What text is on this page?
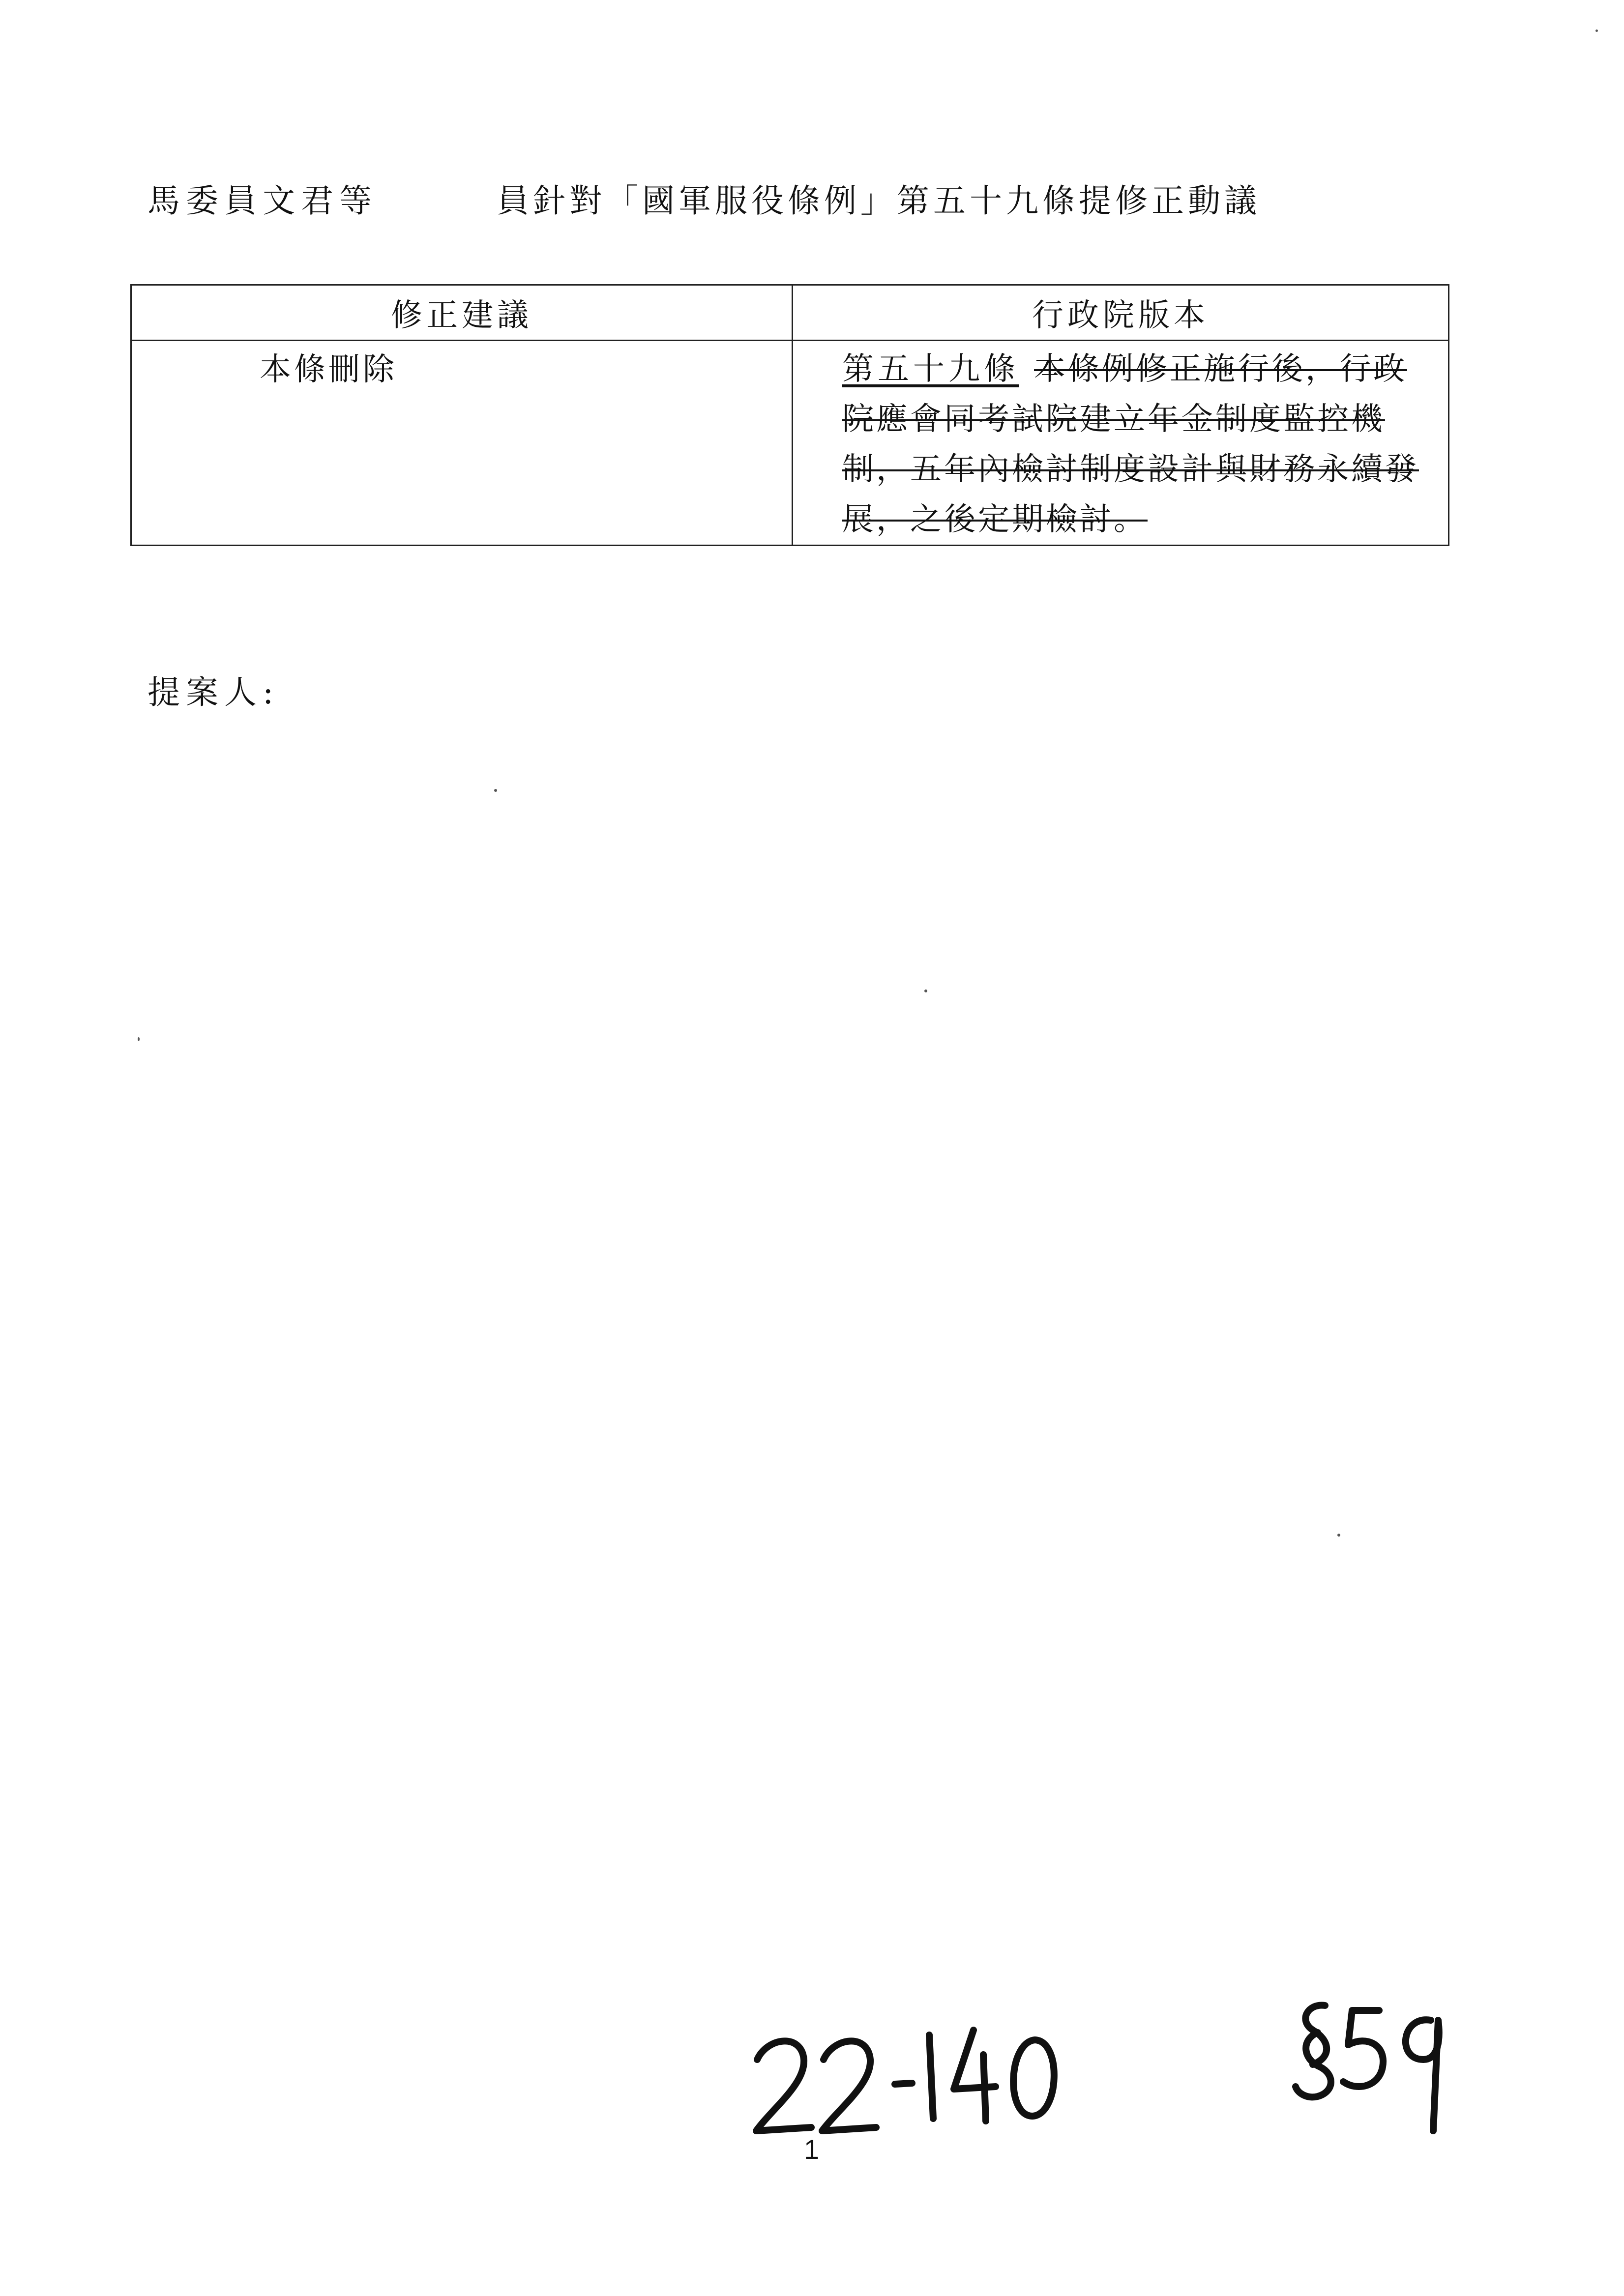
馬委員文君等	員針對「國軍服役條例」第五十九條提修正動議
修正建議	行政院版本
本條刪除	第五十九條 本條例修正施行後，行政院應會同考試院建立年金制度監控機制，五年內檢討制度設計與財務永續發展，之後定期檢討。
提案人:
1
